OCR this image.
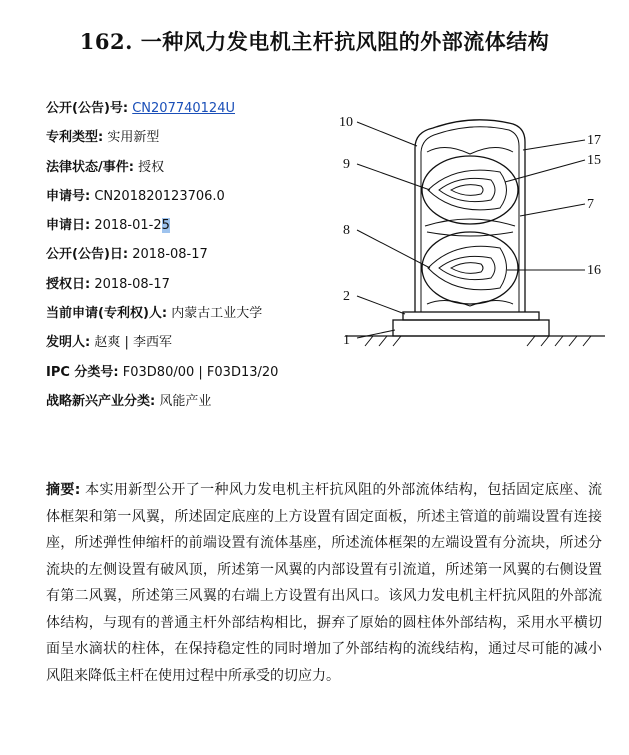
162. 一种风力发电机主杆抗风阻的外部流体结构
公开(公告)号: CN207740124U
专利类型: 实用新型
法律状态/事件: 授权
申请号: CN201820123706.0
申请日: 2018-01-25
公开(公告)日: 2018-08-17
授权日: 2018-08-17
当前申请(专利权)人: 内蒙古工业大学
发明人: 赵爽 | 李西军
IPC 分类号: F03D80/00 | F03D13/20
战略新兴产业分类: 风能产业
10
9
8
2
1
17
15
7
16
摘要: 本实用新型公开了一种风力发电机主杆抗风阻的外部流体结构，包括固定底座、流体框架和第一风翼，所述固定底座的上方设置有固定面板，所述主管道的前端设置有连接座，所述弹性伸缩杆的前端设置有流体基座，所述流体框架的左端设置有分流块，所述分流块的左侧设置有破风顶，所述第一风翼的内部设置有引流道，所述第一风翼的右侧设置有第二风翼，所述第三风翼的右端上方设置有出风口。该风力发电机主杆抗风阻的外部流体结构，与现有的普通主杆外部结构相比，摒弃了原始的圆柱体外部结构，采用水平横切面呈水滴状的柱体，在保持稳定性的同时增加了外部结构的流线结构，通过尽可能的减小风阻来降低主杆在使用过程中所承受的切应力。
